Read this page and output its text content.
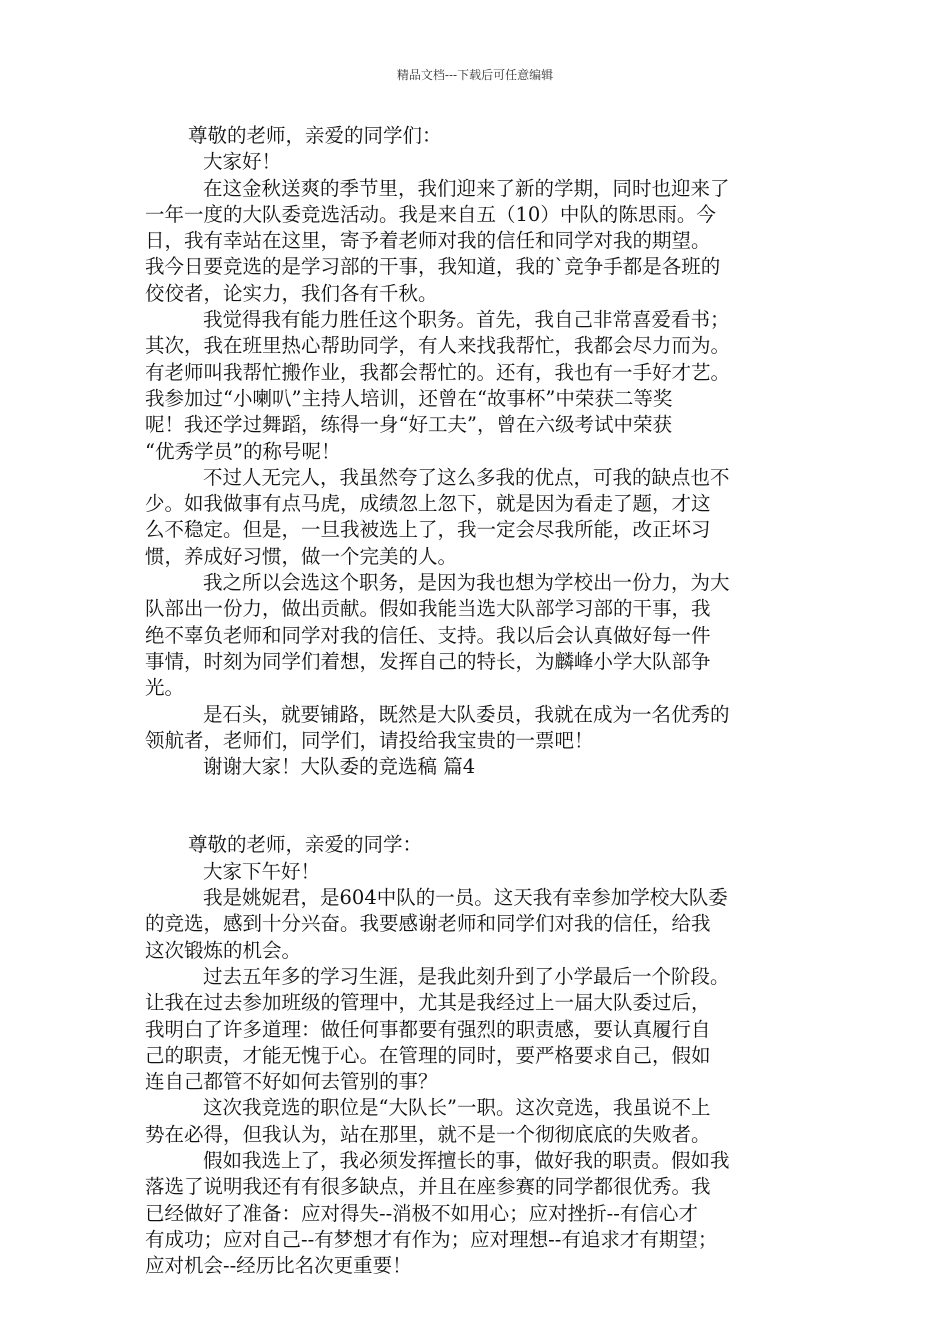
精品文档---下载后可任意编辑
尊敬的老师，亲爱的同学们：
大家好！
在这金秋送爽的季节里，我们迎来了新的学期，同时也迎来了
一年一度的大队委竞选活动。我是来自五（10）中队的陈思雨。今
日，我有幸站在这里，寄予着老师对我的信任和同学对我的期望。
我今日要竞选的是学习部的干事，我知道，我的`竞争手都是各班的
佼佼者，论实力，我们各有千秋。
我觉得我有能力胜任这个职务。首先，我自己非常喜爱看书；
其次，我在班里热心帮助同学，有人来找我帮忙，我都会尽力而为。
有老师叫我帮忙搬作业，我都会帮忙的。还有，我也有一手好才艺。
我参加过“小喇叭”主持人培训，还曾在“故事杯”中荣获二等奖
呢！我还学过舞蹈，练得一身“好工夫”，曾在六级考试中荣获
“优秀学员”的称号呢！
不过人无完人，我虽然夸了这么多我的优点，可我的缺点也不
少。如我做事有点马虎，成绩忽上忽下，就是因为看走了题，才这
么不稳定。但是，一旦我被选上了，我一定会尽我所能，改正坏习
惯，养成好习惯，做一个完美的人。
我之所以会选这个职务，是因为我也想为学校出一份力，为大
队部出一份力，做出贡献。假如我能当选大队部学习部的干事，我
绝不辜负老师和同学对我的信任、支持。我以后会认真做好每一件
事情，时刻为同学们着想，发挥自己的特长，为麟峰小学大队部争
光。
是石头，就要铺路，既然是大队委员，我就在成为一名优秀的
领航者，老师们，同学们，请投给我宝贵的一票吧！
谢谢大家！大队委的竞选稿 篇4
尊敬的老师，亲爱的同学：
大家下午好！
我是姚妮君，是604中队的一员。这天我有幸参加学校大队委
的竞选，感到十分兴奋。我要感谢老师和同学们对我的信任，给我
这次锻炼的机会。
过去五年多的学习生涯，是我此刻升到了小学最后一个阶段。
让我在过去参加班级的管理中，尤其是我经过上一届大队委过后，
我明白了许多道理：做任何事都要有强烈的职责感，要认真履行自
己的职责，才能无愧于心。在管理的同时，要严格要求自己，假如
连自己都管不好如何去管别的事？
这次我竞选的职位是“大队长”一职。这次竞选，我虽说不上
势在必得，但我认为，站在那里，就不是一个彻彻底底的失败者。
假如我选上了，我必须发挥擅长的事，做好我的职责。假如我
落选了说明我还有有很多缺点，并且在座参赛的同学都很优秀。我
已经做好了准备：应对得失--消极不如用心；应对挫折--有信心才
有成功；应对自己--有梦想才有作为；应对理想--有追求才有期望；
应对机会--经历比名次更重要！
